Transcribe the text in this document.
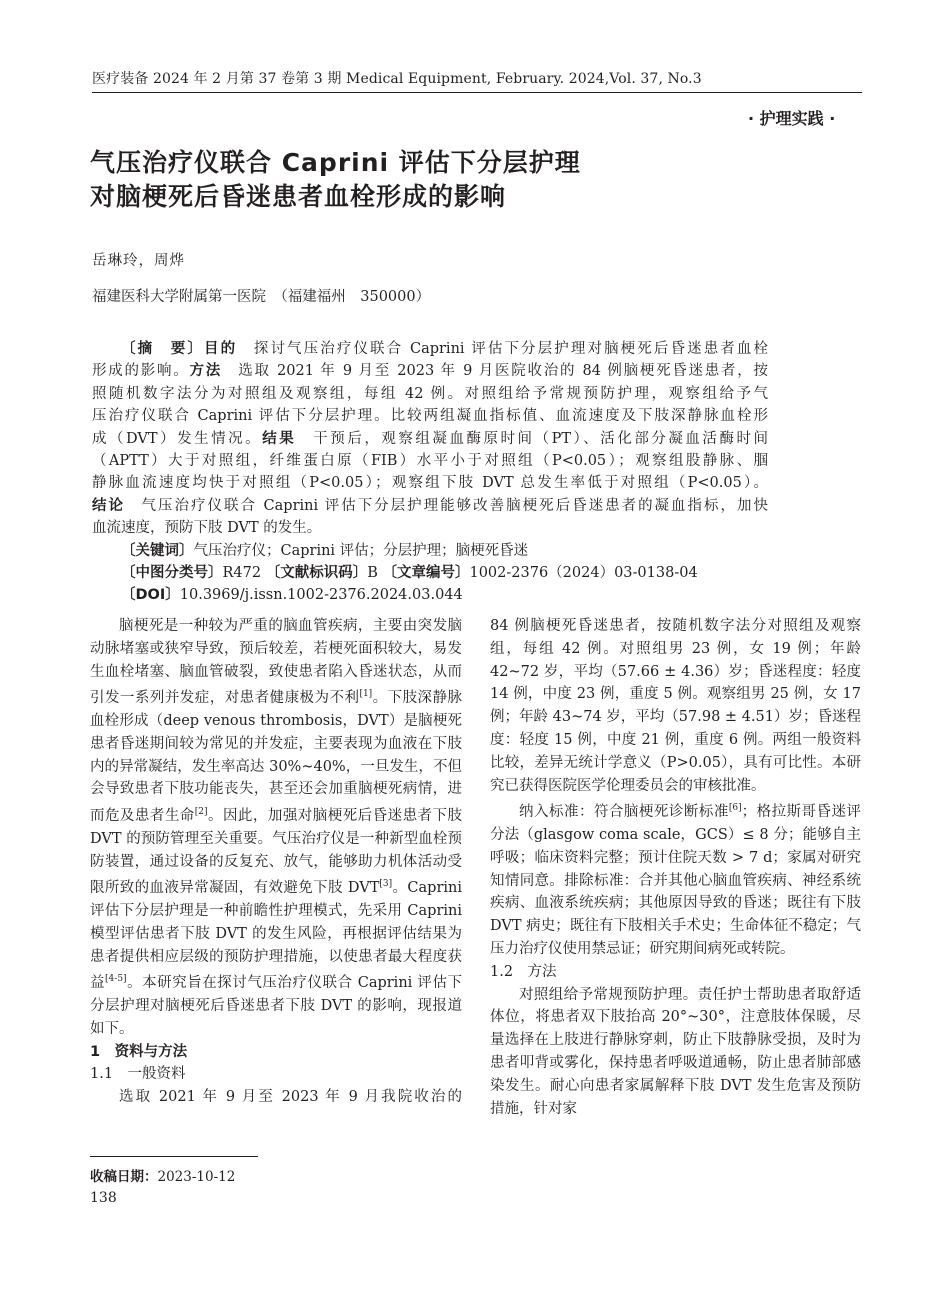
医疗装备 2024 年 2 月第 37 卷第 3 期 Medical Equipment, February. 2024,Vol. 37, No.3
· 护理实践 ·
气压治疗仪联合 Caprini 评估下分层护理
对脑梗死后昏迷患者血栓形成的影响
岳琳玲，周烨
福建医科大学附属第一医院　（福建福州　350000）
〔摘　要〕目的　探讨气压治疗仪联合 Caprini 评估下分层护理对脑梗死后昏迷患者血栓
形成的影响。方法　选取 2021 年 9 月至 2023 年 9 月医院收治的 84 例脑梗死昏迷患者，按
照随机数字法分为对照组及观察组，每组 42 例。对照组给予常规预防护理，观察组给予气
压治疗仪联合 Caprini 评估下分层护理。比较两组凝血指标值、血流速度及下肢深静脉血栓形
成（DVT）发生情况。结果　干预后，观察组凝血酶原时间（PT）、活化部分凝血活酶时间
（APTT）大于对照组，纤维蛋白原（FIB）水平小于对照组（P<0.05）；观察组股静脉、腘
静脉血流速度均快于对照组（P<0.05）；观察组下肢 DVT 总发生率低于对照组（P<0.05）。
结论　气压治疗仪联合 Caprini 评估下分层护理能够改善脑梗死后昏迷患者的凝血指标，加快
血流速度，预防下肢 DVT 的发生。
〔关键词〕气压治疗仪；Caprini 评估；分层护理；脑梗死昏迷
〔中图分类号〕R472 〔文献标识码〕B 〔文章编号〕1002-2376（2024）03-0138-04
〔DOI〕10.3969/j.issn.1002-2376.2024.03.044
脑梗死是一种较为严重的脑血管疾病，主要由突发脑动脉堵塞或狭窄导致，预后较差，若梗死面积较大，易发生血栓堵塞、脑血管破裂，致使患者陷入昏迷状态，从而引发一系列并发症，对患者健康极为不利[1]。下肢深静脉血栓形成（deep venous thrombosis，DVT）是脑梗死患者昏迷期间较为常见的并发症，主要表现为血液在下肢内的异常凝结，发生率高达 30%~40%，一旦发生，不但会导致患者下肢功能丧失，甚至还会加重脑梗死病情，进而危及患者生命[2]。因此，加强对脑梗死后昏迷患者下肢 DVT 的预防管理至关重要。气压治疗仪是一种新型血栓预防装置，通过设备的反复充、放气，能够助力机体活动受限所致的血液异常凝固，有效避免下肢 DVT[3]。Caprini 评估下分层护理是一种前瞻性护理模式，先采用 Caprini 模型评估患者下肢 DVT 的发生风险，再根据评估结果为患者提供相应层级的预防护理措施，以使患者最大程度获益[4-5]。本研究旨在探讨气压治疗仪联合 Caprini 评估下分层护理对脑梗死后昏迷患者下肢 DVT 的影响，现报道如下。
1　资料与方法
1.1　一般资料
选取 2021 年 9 月至 2023 年 9 月我院收治的
84 例脑梗死昏迷患者，按随机数字法分对照组及观察组，每组 42 例。对照组男 23 例，女 19 例；年龄 42~72 岁，平均（57.66 ± 4.36）岁；昏迷程度：轻度 14 例，中度 23 例，重度 5 例。观察组男 25 例，女 17 例；年龄 43~74 岁，平均（57.98 ± 4.51）岁；昏迷程度：轻度 15 例，中度 21 例，重度 6 例。两组一般资料比较，差异无统计学意义（P>0.05），具有可比性。本研究已获得医院医学伦理委员会的审核批准。
纳入标准：符合脑梗死诊断标准[6]；格拉斯哥昏迷评分法（glasgow coma scale，GCS）≤ 8 分；能够自主呼吸；临床资料完整；预计住院天数 > 7 d；家属对研究知情同意。排除标准：合并其他心脑血管疾病、神经系统疾病、血液系统疾病；其他原因导致的昏迷；既往有下肢 DVT 病史；既往有下肢相关手术史；生命体征不稳定；气压力治疗仪使用禁忌证；研究期间病死或转院。
1.2　方法
对照组给予常规预防护理。责任护士帮助患者取舒适体位，将患者双下肢抬高 20°~30°，注意肢体保暖，尽量选择在上肢进行静脉穿刺，防止下肢静脉受损，及时为患者叩背或雾化，保持患者呼吸道通畅，防止患者肺部感染发生。耐心向患者家属解释下肢 DVT 发生危害及预防措施，针对家
收稿日期：2023-10-12
138
